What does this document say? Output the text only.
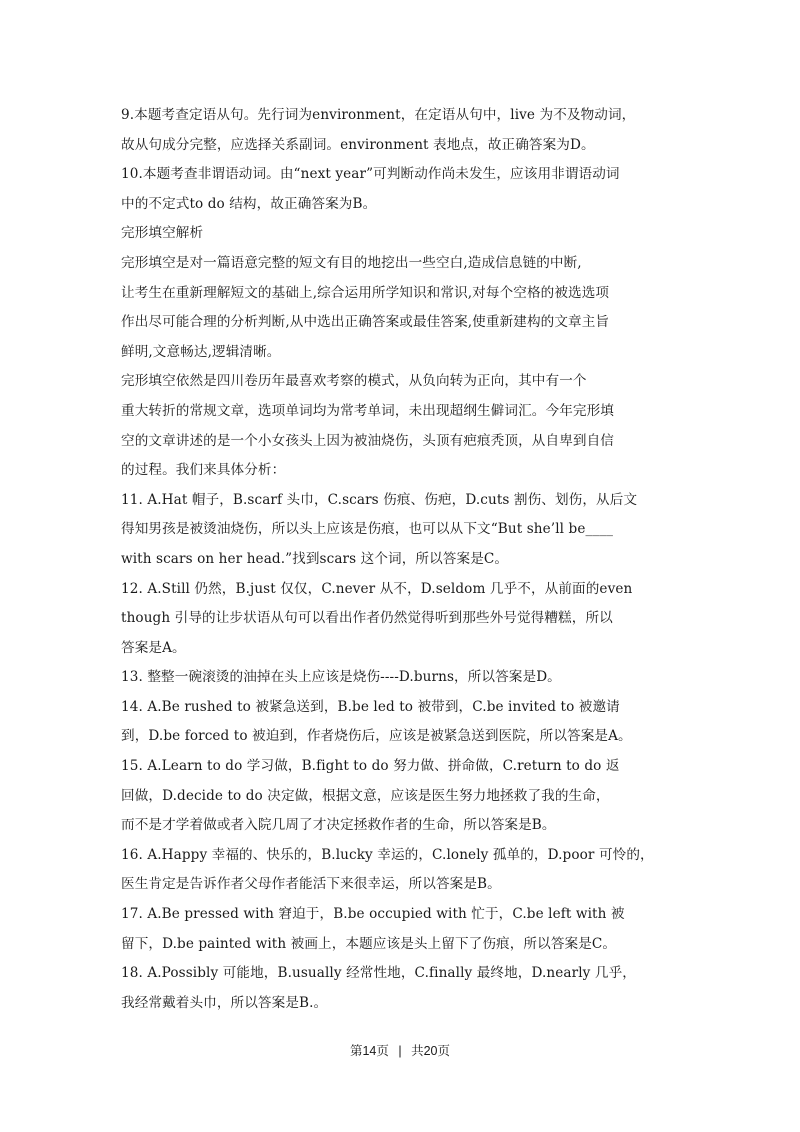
9.本题考查定语从句。先行词为environment，在定语从句中，live 为不及物动词，
故从句成分完整，应选择关系副词。environment 表地点，故正确答案为D。
10.本题考查非谓语动词。由“next year”可判断动作尚未发生，应该用非谓语动词
中的不定式to do 结构，故正确答案为B。
完形填空解析
完形填空是对一篇语意完整的短文有目的地挖出一些空白,造成信息链的中断,
让考生在重新理解短文的基础上,综合运用所学知识和常识,对每个空格的被选选项
作出尽可能合理的分析判断,从中选出正确答案或最佳答案,使重新建构的文章主旨
鲜明,文意畅达,逻辑清晰。
完形填空依然是四川卷历年最喜欢考察的模式，从负向转为正向，其中有一个
重大转折的常规文章，选项单词均为常考单词，未出现超纲生僻词汇。今年完形填
空的文章讲述的是一个小女孩头上因为被油烧伤，头顶有疤痕秃顶，从自卑到自信
的过程。我们来具体分析：
11. A.Hat 帽子，B.scarf 头巾，C.scars 伤痕、伤疤，D.cuts 割伤、划伤，从后文
得知男孩是被烫油烧伤，所以头上应该是伤痕，也可以从下文“But she’ll be____
with scars on her head.”找到scars 这个词，所以答案是C。
12. A.Still 仍然，B.just 仅仅，C.never 从不，D.seldom 几乎不，从前面的even
though 引导的让步状语从句可以看出作者仍然觉得听到那些外号觉得糟糕，所以
答案是A。
13. 整整一碗滚烫的油掉在头上应该是烧伤----D.burns，所以答案是D。
14. A.Be rushed to 被紧急送到，B.be led to 被带到，C.be invited to 被邀请
到，D.be forced to 被迫到，作者烧伤后，应该是被紧急送到医院，所以答案是A。
15. A.Learn to do 学习做，B.fight to do 努力做、拼命做，C.return to do 返
回做，D.decide to do 决定做，根据文意，应该是医生努力地拯救了我的生命，
而不是才学着做或者入院几周了才决定拯救作者的生命，所以答案是B。
16. A.Happy 幸福的、快乐的，B.lucky 幸运的，C.lonely 孤单的，D.poor 可怜的，
医生肯定是告诉作者父母作者能活下来很幸运，所以答案是B。
17. A.Be pressed with 窘迫于，B.be occupied with 忙于，C.be left with 被
留下，D.be painted with 被画上，本题应该是头上留下了伤痕，所以答案是C。
18. A.Possibly 可能地，B.usually 经常性地，C.finally 最终地，D.nearly 几乎，
我经常戴着头巾，所以答案是B.。
第14页 | 共20页
